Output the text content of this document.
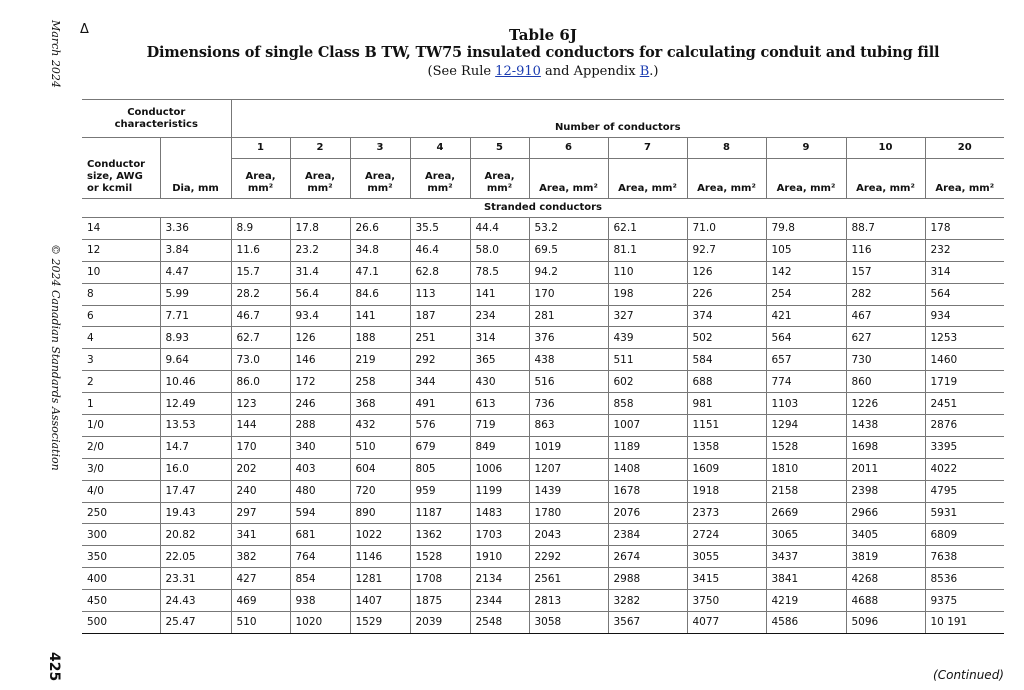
March 2024
© 2024 Canadian Standards Association
425
Δ	Table 6J
Dimensions of single Class B TW, TW75 insulated conductors for calculating conduit and tubing fill
(See Rule 12-910 and Appendix B.)
Conductor characteristics		Number of conductors										
Conductor size, AWG or kcmil	Dia, mm	1	2	3	4	5	6	7	8	9	10	20
		Area, mm²	Area, mm²	Area, mm²	Area, mm²	Area, mm²	Area, mm²	Area, mm²	Area, mm²	Area, mm²	Area, mm²	Area, mm²
Stranded conductors												
14	3.36	8.9	17.8	26.6	35.5	44.4	53.2	62.1	71.0	79.8	88.7	178
12	3.84	11.6	23.2	34.8	46.4	58.0	69.5	81.1	92.7	105	116	232
10	4.47	15.7	31.4	47.1	62.8	78.5	94.2	110	126	142	157	314
8	5.99	28.2	56.4	84.6	113	141	170	198	226	254	282	564
6	7.71	46.7	93.4	141	187	234	281	327	374	421	467	934
4	8.93	62.7	126	188	251	314	376	439	502	564	627	1253
3	9.64	73.0	146	219	292	365	438	511	584	657	730	1460
2	10.46	86.0	172	258	344	430	516	602	688	774	860	1719
1	12.49	123	246	368	491	613	736	858	981	1103	1226	2451
1/0	13.53	144	288	432	576	719	863	1007	1151	1294	1438	2876
2/0	14.7	170	340	510	679	849	1019	1189	1358	1528	1698	3395
3/0	16.0	202	403	604	805	1006	1207	1408	1609	1810	2011	4022
4/0	17.47	240	480	720	959	1199	1439	1678	1918	2158	2398	4795
250	19.43	297	594	890	1187	1483	1780	2076	2373	2669	2966	5931
300	20.82	341	681	1022	1362	1703	2043	2384	2724	3065	3405	6809
350	22.05	382	764	1146	1528	1910	2292	2674	3055	3437	3819	7638
400	23.31	427	854	1281	1708	2134	2561	2988	3415	3841	4268	8536
450	24.43	469	938	1407	1875	2344	2813	3282	3750	4219	4688	9375
500	25.47	510	1020	1529	2039	2548	3058	3567	4077	4586	5096	10 191
(Continued)
